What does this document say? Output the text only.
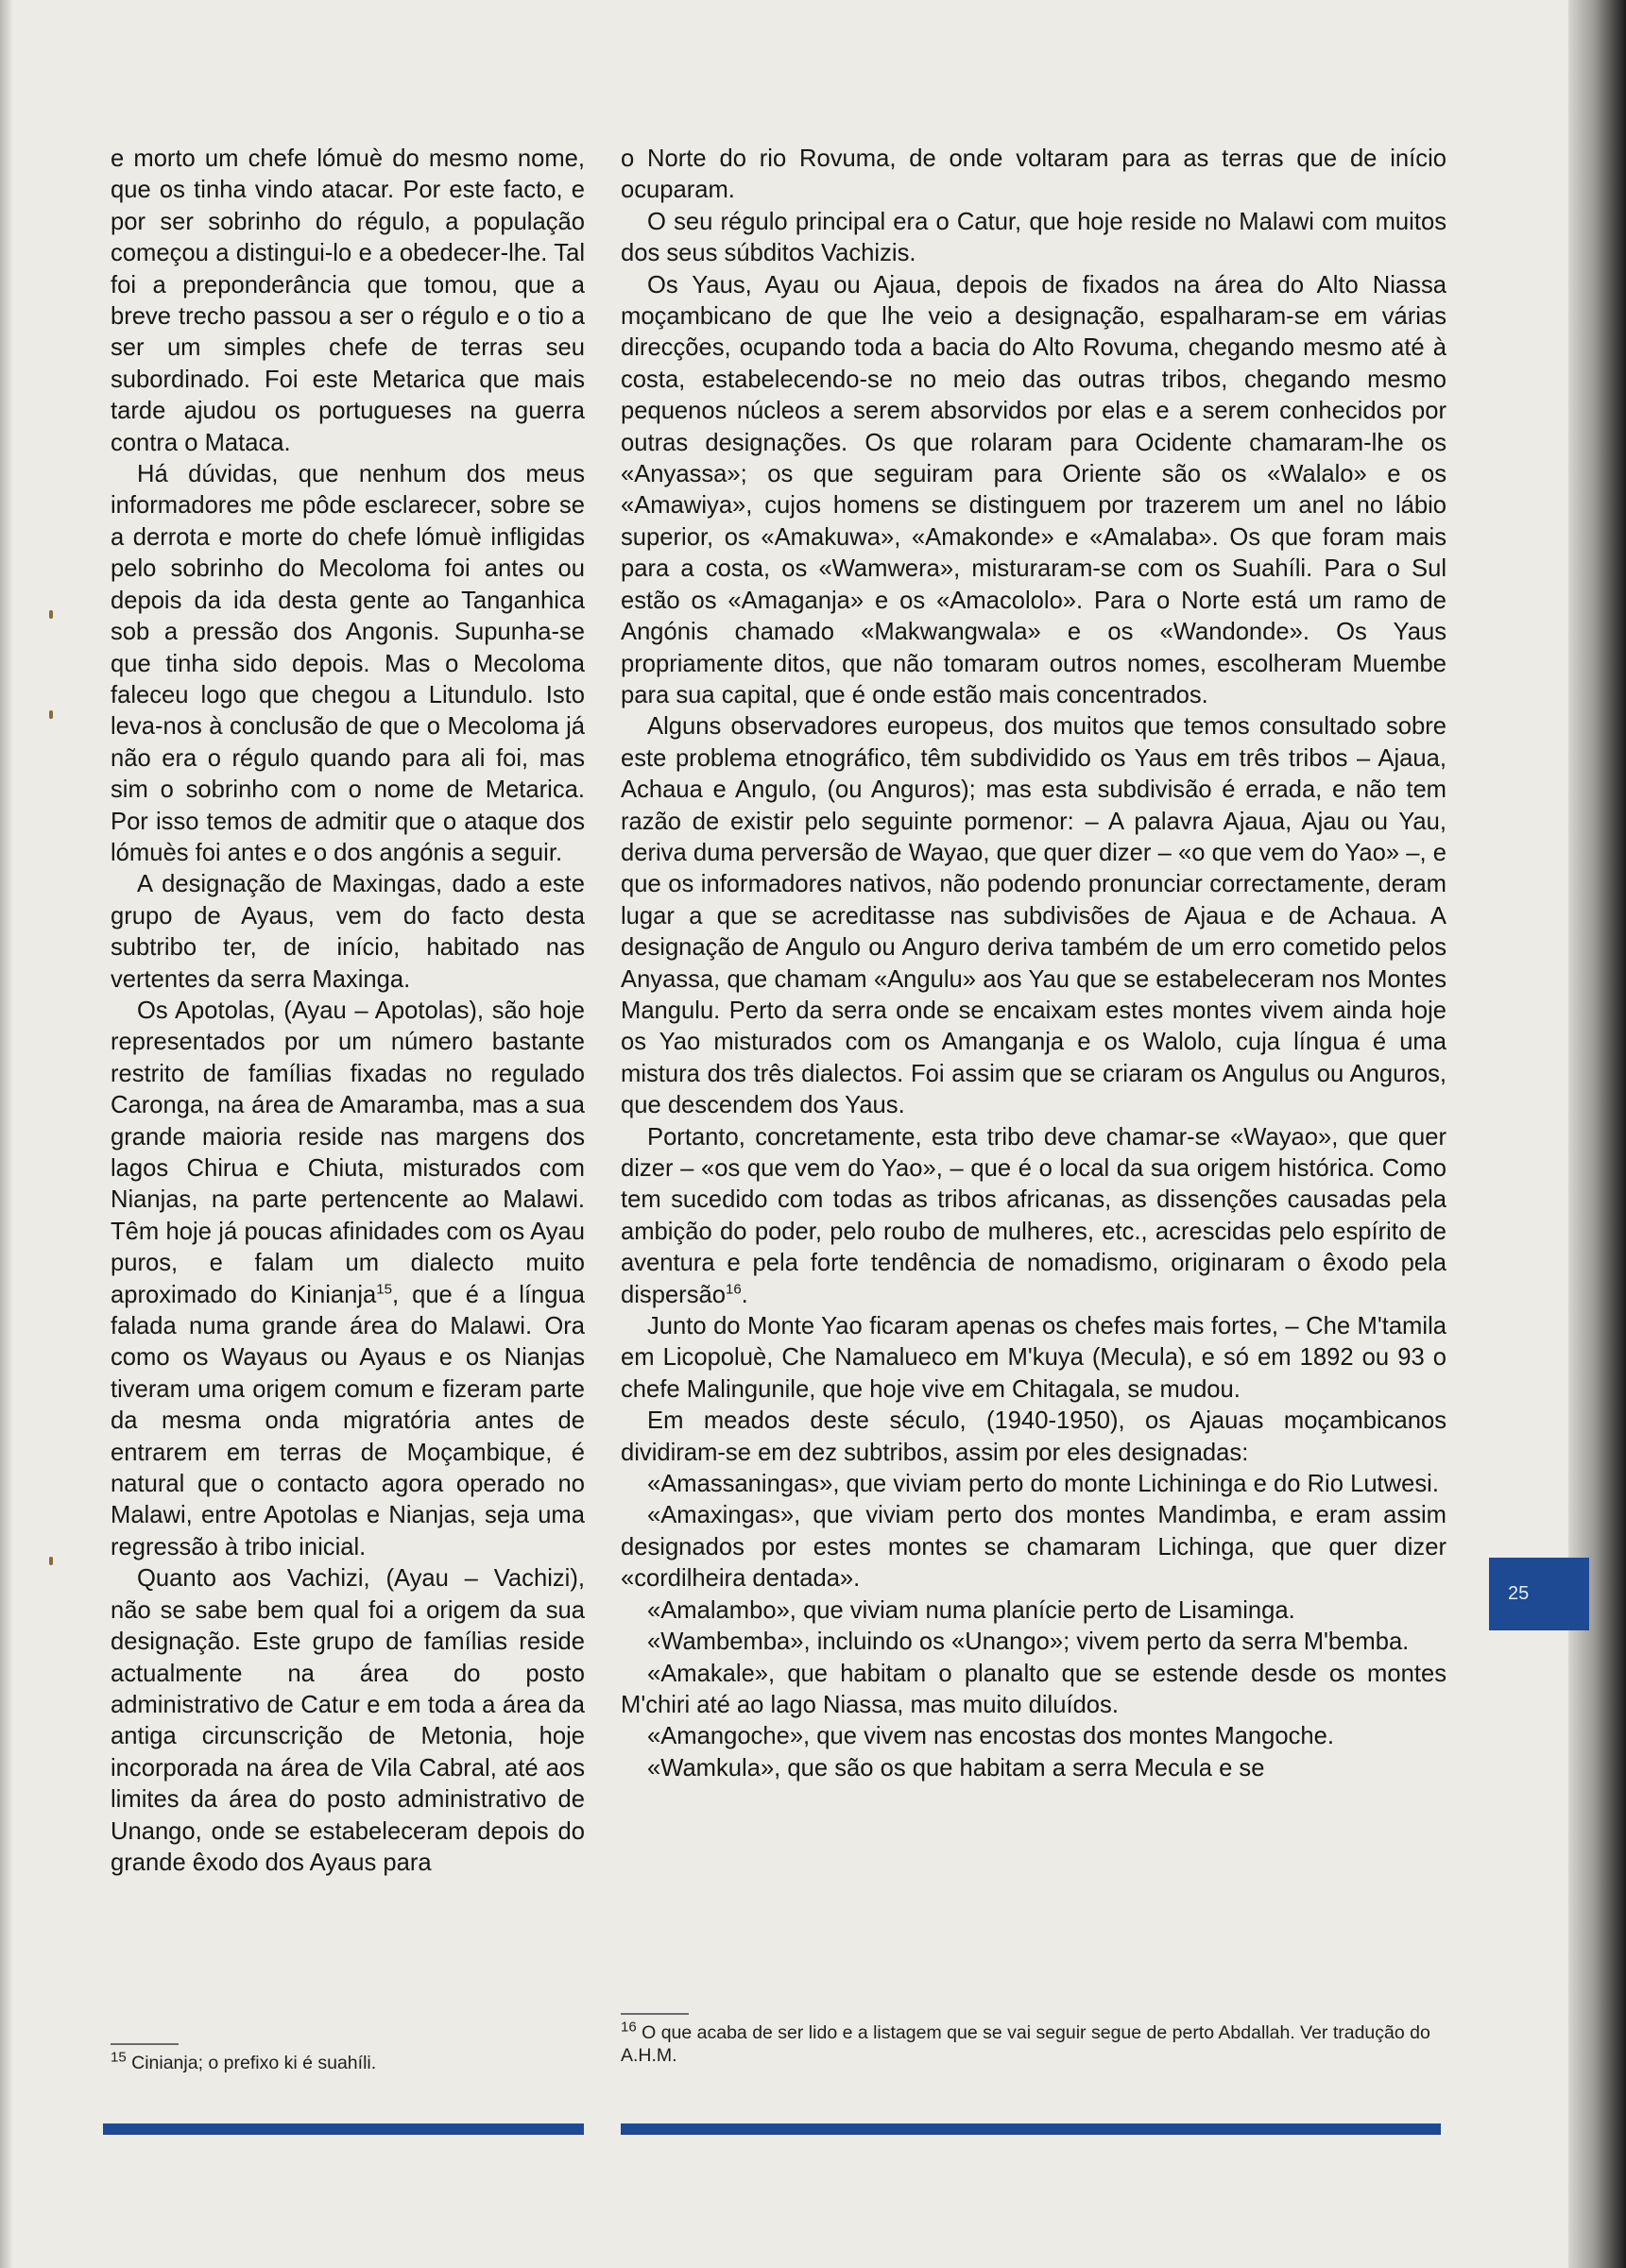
e morto um chefe lómuè do mesmo nome, que os tinha vindo atacar. Por este facto, e por ser sobrinho do régulo, a população começou a distingui-lo e a obedecer-lhe. Tal foi a preponderância que tomou, que a breve trecho passou a ser o régulo e o tio a ser um simples chefe de terras seu subordinado. Foi este Metarica que mais tarde ajudou os portugueses na guerra contra o Mataca.

Há dúvidas, que nenhum dos meus informadores me pôde esclarecer, sobre se a derrota e morte do chefe lómuè infligidas pelo sobrinho do Mecoloma foi antes ou depois da ida desta gente ao Tanganhica sob a pressão dos Angonis. Supunha-se que tinha sido depois. Mas o Mecoloma faleceu logo que chegou a Litundulo. Isto leva-nos à conclusão de que o Mecoloma já não era o régulo quando para ali foi, mas sim o sobrinho com o nome de Metarica. Por isso temos de admitir que o ataque dos lómuès foi antes e o dos angónis a seguir.

A designação de Maxingas, dado a este grupo de Ayaus, vem do facto desta subtribo ter, de início, habitado nas vertentes da serra Maxinga.

Os Apotolas, (Ayau – Apotolas), são hoje representados por um número bastante restrito de famílias fixadas no regulado Caronga, na área de Amaramba, mas a sua grande maioria reside nas margens dos lagos Chirua e Chiuta, misturados com Nianjas, na parte pertencente ao Malawi. Têm hoje já poucas afinidades com os Ayau puros, e falam um dialecto muito aproximado do Kinianja$^{15}$, que é a língua falada numa grande área do Malawi. Ora como os Wayaus ou Ayaus e os Nianjas tiveram uma origem comum e fizeram parte da mesma onda migratória antes de entrarem em terras de Moçambique, é natural que o contacto agora operado no Malawi, entre Apotolas e Nianjas, seja uma regressão à tribo inicial.

Quanto aos Vachizi, (Ayau – Vachizi), não se sabe bem qual foi a origem da sua designação. Este grupo de famílias reside actualmente na área do posto administrativo de Catur e em toda a área da antiga circunscrição de Metonia, hoje incorporada na área de Vila Cabral, até aos limites da área do posto administrativo de Unango, onde se estabeleceram depois do grande êxodo dos Ayaus para

o Norte do rio Rovuma, de onde voltaram para as terras que de início ocuparam.

O seu régulo principal era o Catur, que hoje reside no Malawi com muitos dos seus súbditos Vachizis.

Os Yaus, Ayau ou Ajaua, depois de fixados na área do Alto Niassa moçambicano de que lhe veio a designação, espalharam-se em várias direcções, ocupando toda a bacia do Alto Rovuma, chegando mesmo até à costa, estabelecendo-se no meio das outras tribos, chegando mesmo pequenos núcleos a serem absorvidos por elas e a serem conhecidos por outras designações. Os que rolaram para Ocidente chamaram-lhe os «Anyassa»; os que seguiram para Oriente são os «Walalo» e os «Amawiya», cujos homens se distinguem por trazerem um anel no lábio superior, os «Amakuwa», «Amakonde» e «Amalaba». Os que foram mais para a costa, os «Wamwera», misturaram-se com os Suahíli. Para o Sul estão os «Amaganja» e os «Amacololo». Para o Norte está um ramo de Angónis chamado «Makwangwala» e os «Wandonde». Os Yaus propriamente ditos, que não tomaram outros nomes, escolheram Muembe para sua capital, que é onde estão mais concentrados.

Alguns observadores europeus, dos muitos que temos consultado sobre este problema etnográfico, têm subdividido os Yaus em três tribos – Ajaua, Achaua e Angulo, (ou Anguros); mas esta subdivisão é errada, e não tem razão de existir pelo seguinte pormenor: – A palavra Ajaua, Ajau ou Yau, deriva duma perversão de Wayao, que quer dizer – «o que vem do Yao» –, e que os informadores nativos, não podendo pronunciar correctamente, deram lugar a que se acreditasse nas subdivisões de Ajaua e de Achaua. A designação de Angulo ou Anguro deriva também de um erro cometido pelos Anyassa, que chamam «Angulu» aos Yau que se estabeleceram nos Montes Mangulu. Perto da serra onde se encaixam estes montes vivem ainda hoje os Yao misturados com os Amanganja e os Walolo, cuja língua é uma mistura dos três dialectos. Foi assim que se criaram os Angulus ou Anguros, que descendem dos Yaus.

Portanto, concretamente, esta tribo deve chamar-se «Wayao», que quer dizer – «os que vem do Yao», – que é o local da sua origem histórica. Como tem sucedido com todas as tribos africanas, as dissenções causadas pela ambição do poder, pelo roubo de mulheres, etc., acrescidas pelo espírito de aventura e pela forte tendência de nomadismo, originaram o êxodo pela dispersão$^{16}$.

Junto do Monte Yao ficaram apenas os chefes mais fortes, – Che M'tamila em Licopoluè, Che Namalueco em M'kuya (Mecula), e só em 1892 ou 93 o chefe Malingunile, que hoje vive em Chitagala, se mudou.

Em meados deste século, (1940-1950), os Ajauas moçambicanos dividiram-se em dez subtribos, assim por eles designadas:

«Amassaningas», que viviam perto do monte Lichininga e do Rio Lutwesi.

«Amaxingas», que viviam perto dos montes Mandimba, e eram assim designados por estes montes se chamaram Lichinga, que quer dizer «cordilheira dentada».

«Amalambo», que viviam numa planície perto de Lisaminga.

«Wambemba», incluindo os «Unango»; vivem perto da serra M'bemba.

«Amakale», que habitam o planalto que se estende desde os montes M'chiri até ao lago Niassa, mas muito diluídos.

«Amangoche», que vivem nas encostas dos montes Mangoche.

«Wamkula», que são os que habitam a serra Mecula e se

$^{15}$ Cinianja; o prefixo ki é suahíli.
$^{16}$ O que acaba de ser lido e a listagem que se vai seguir segue de perto Abdallah. Ver tradução do A.H.M.
25
